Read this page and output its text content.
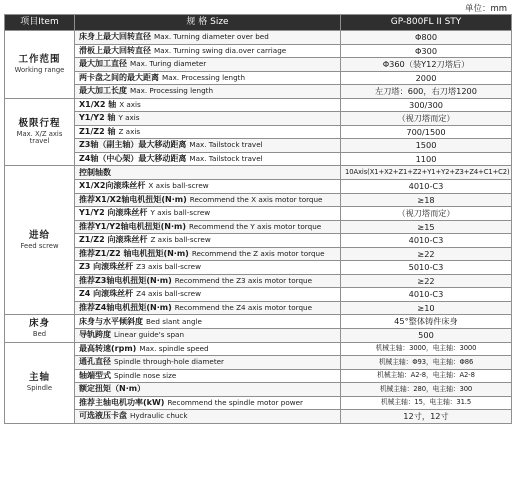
单位：mm
项目Item	规 格 Size	GP-800FL II STY

工作范围
Working range	床身上最大回转直径 Max. Turning diameter over bed	Φ800
	滑板上最大回转直径 Max. Turning swing dia.over carriage	Φ300
	最大加工直径 Max. Turing diameter	Φ360（装Y12刀塔后）
	两卡盘之间的最大距离 Max. Processing length	2000
	最大加工长度 Max. Processing length	左刀塔：600，右刀塔1200

极限行程
Max. X/Z axis travel	X1/X2 轴 X axis	300/300
	Y1/Y2 轴 Y axis	（视刀塔而定）
	Z1/Z2 轴 Z axis	700/1500
	Z3轴（副主轴）最大移动距离 Max. Tailstock travel	1500
	Z4轴（中心架）最大移动距离 Max. Tailstock travel	1100

进给
Feed screw	控制轴数	10Axis(X1+X2+Z1+Z2+Y1+Y2+Z3+Z4+C1+C2)
	X1/X2向滚珠丝杆 X axis ball-screw	4010-C3
	推荐X1/X2轴电机扭矩(N·m) Recommend the X axis motor torque	≥18
	Y1/Y2 向滚珠丝杆 Y axis ball-screw	（视刀塔而定）
	推荐Y1/Y2轴电机扭矩(N·m) Recommend the Y axis motor torque	≥15
	Z1/Z2 向滚珠丝杆 Z axis ball-screw	4010-C3
	推荐Z1/Z2 轴电机扭矩(N·m) Recommend the Z axis motor torque	≥22
	Z3 向滚珠丝杆 Z3 axis ball-screw	5010-C3
	推荐Z3轴电机扭矩(N·m) Recommend the Z3 axis motor torque	≥22
	Z4 向滚珠丝杆 Z4 axis ball-screw	4010-C3
	推荐Z4轴电机扭矩(N·m) Recommend the Z4 axis motor torque	≥10

床身
Bed	床身与水平倾斜度 Bed slant angle	45°整体铸件床身
	导轨跨度 Linear guide's span	500

主轴
Spindle	最高转速(rpm) Max. spindle speed	机械主轴：3000，电主轴：3000
	通孔直径 Spindle through-hole diameter	机械主轴：Φ93，电主轴：Φ86
	轴端型式 Spindle nose size	机械主轴：A2-8，电主轴：A2-8
	额定扭矩（N·m）	机械主轴：280，电主轴：300
	推荐主轴电机功率(kW) Recommend the spindle motor power	机械主轴：15，电主轴：31.5
	可选液压卡盘 Hydraulic chuck	12寸，12寸
